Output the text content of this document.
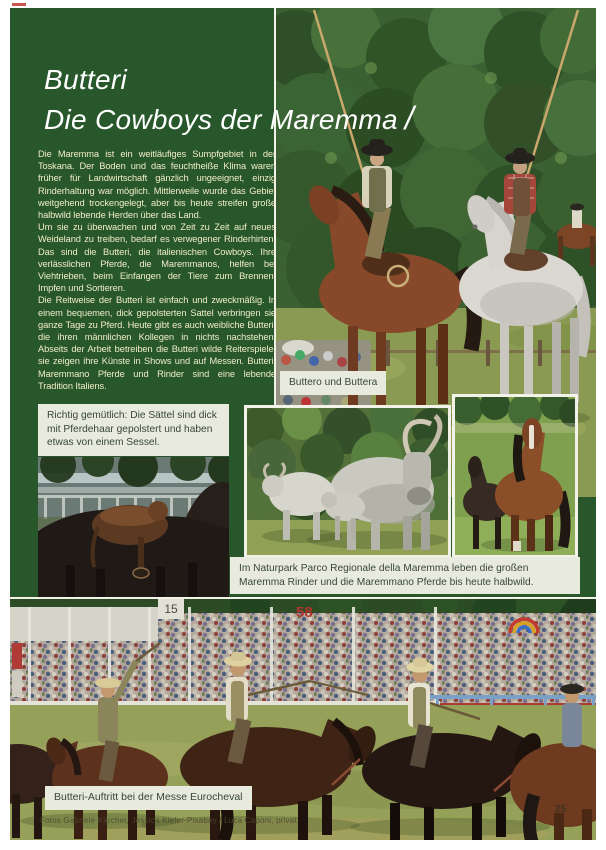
Butteri
Die Cowboys der Maremma /

Die Maremma ist ein weitläufiges Sumpfgebiet in der Toskana. Der Boden und das feuchtheiße Klima waren früher für Landwirtschaft gänzlich ungeeignet, einzig Rinderhaltung war möglich. Mittlerweile wurde das Gebiet weitgehend trockengelegt, aber bis heute streifen große halbwild lebende Herden über das Land.

Um sie zu überwachen und von Zeit zu Zeit auf neues Weideland zu treiben, bedarf es verwegener Rinderhirten. Das sind die Butteri, die italienischen Cowboys. Ihre verlässlichen Pferde, die Maremmanos, helfen bei Viehtrieben, beim Einfangen der Tiere zum Brennen, Impfen und Sortieren.

Die Reitweise der Butteri ist einfach und zweckmäßig. In einem bequemen, dick gepolsterten Sattel verbringen sie ganze Tage zu Pferd. Heute gibt es auch weibliche Butteri, die ihren männlichen Kollegen in nichts nachstehen. Abseits der Arbeit betreiben die Butteri wilde Reiterspiele, sie zeigen ihre Künste in Shows und auf Messen. Butteri, Maremmano Pferde und Rinder sind eine lebende Tradition Italiens.	Buttero und Buttera
Richtig gemütlich: Die Sättel sind dick mit Pferdehaar gepolstert und haben etwas von einem Sessel.
Im Naturpark Parco Regionale della Maremma leben die großen Maremma Rinder und die Maremmano Pferde bis heute halbwild.
15	58
Butteri-Auftritt bei der Messe Eurocheval
Fotos Gabriele Kärcher, Jessica Kiefer-Pixabay / Luca Caponi, privat
25
